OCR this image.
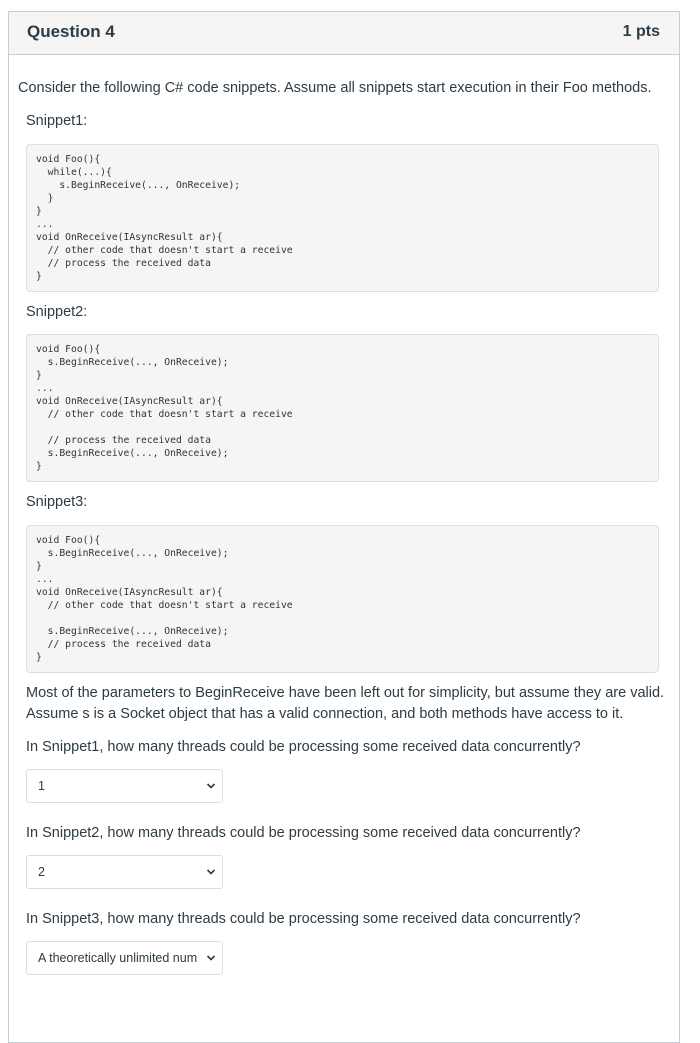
Question 4	1 pts
Consider the following C# code snippets. Assume all snippets start execution in their Foo methods.
Snippet1:
void Foo(){
while(...){
s.BeginReceive(..., OnReceive);
}
}
...
void OnReceive(IAsyncResult ar){
// other code that doesn't start a receive
// process the received data
}
Snippet2:
void Foo(){
s.BeginReceive(..., OnReceive);
}
...
void OnReceive(IAsyncResult ar){
// other code that doesn't start a receive

// process the received data
s.BeginReceive(..., OnReceive);
}
Snippet3:
void Foo(){
s.BeginReceive(..., OnReceive);
}
...
void OnReceive(IAsyncResult ar){
// other code that doesn't start a receive

s.BeginReceive(..., OnReceive);
// process the received data
}
Most of the parameters to BeginReceive have been left out for simplicity, but assume they are valid.
Assume s is a Socket object that has a valid connection, and both methods have access to it.
In Snippet1, how many threads could be processing some received data concurrently?
1
In Snippet2, how many threads could be processing some received data concurrently?
2
In Snippet3, how many threads could be processing some received data concurrently?
A theoretically unlimited num
